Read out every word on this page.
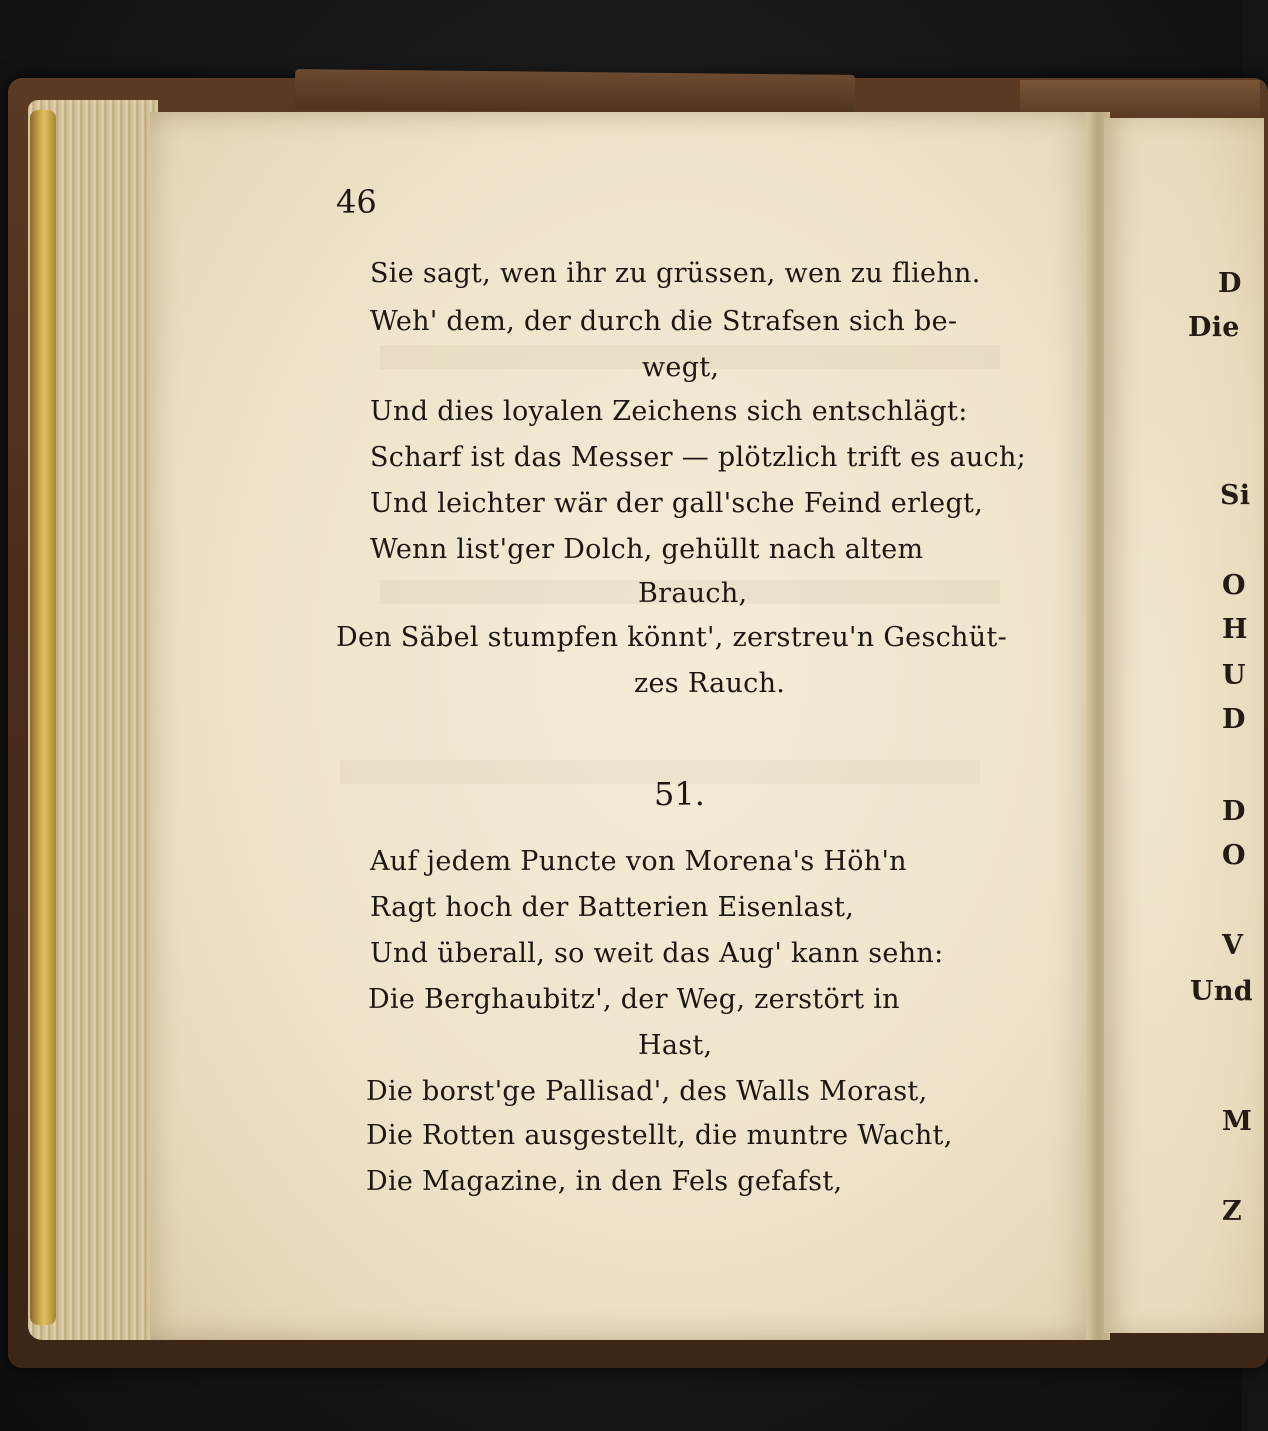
46
Sie sagt, wen ihr zu grüssen, wen zu fliehn.
Weh' dem, der durch die Strafsen sich be-
wegt,
Und dies loyalen Zeichens sich entschlägt:
Scharf ist das Messer — plötzlich trift es auch;
Und leichter wär der gall'sche Feind erlegt,
Wenn list'ger Dolch, gehüllt nach altem
Brauch,
Den Säbel stumpfen könnt', zerstreu'n Geschüt-
zes Rauch.
51.
Auf jedem Puncte von Morena's Höh'n
Ragt hoch der Batterien Eisenlast,
Und überall, so weit das Aug' kann sehn:
Die Berghaubitz', der Weg, zerstört in
Hast,
Die borst'ge Pallisad', des Walls Morast,
Die Rotten ausgestellt, die muntre Wacht,
Die Magazine, in den Fels gefafst,
D
Die
Si
O
H
U
D
D
O
V
Und
M
Z
